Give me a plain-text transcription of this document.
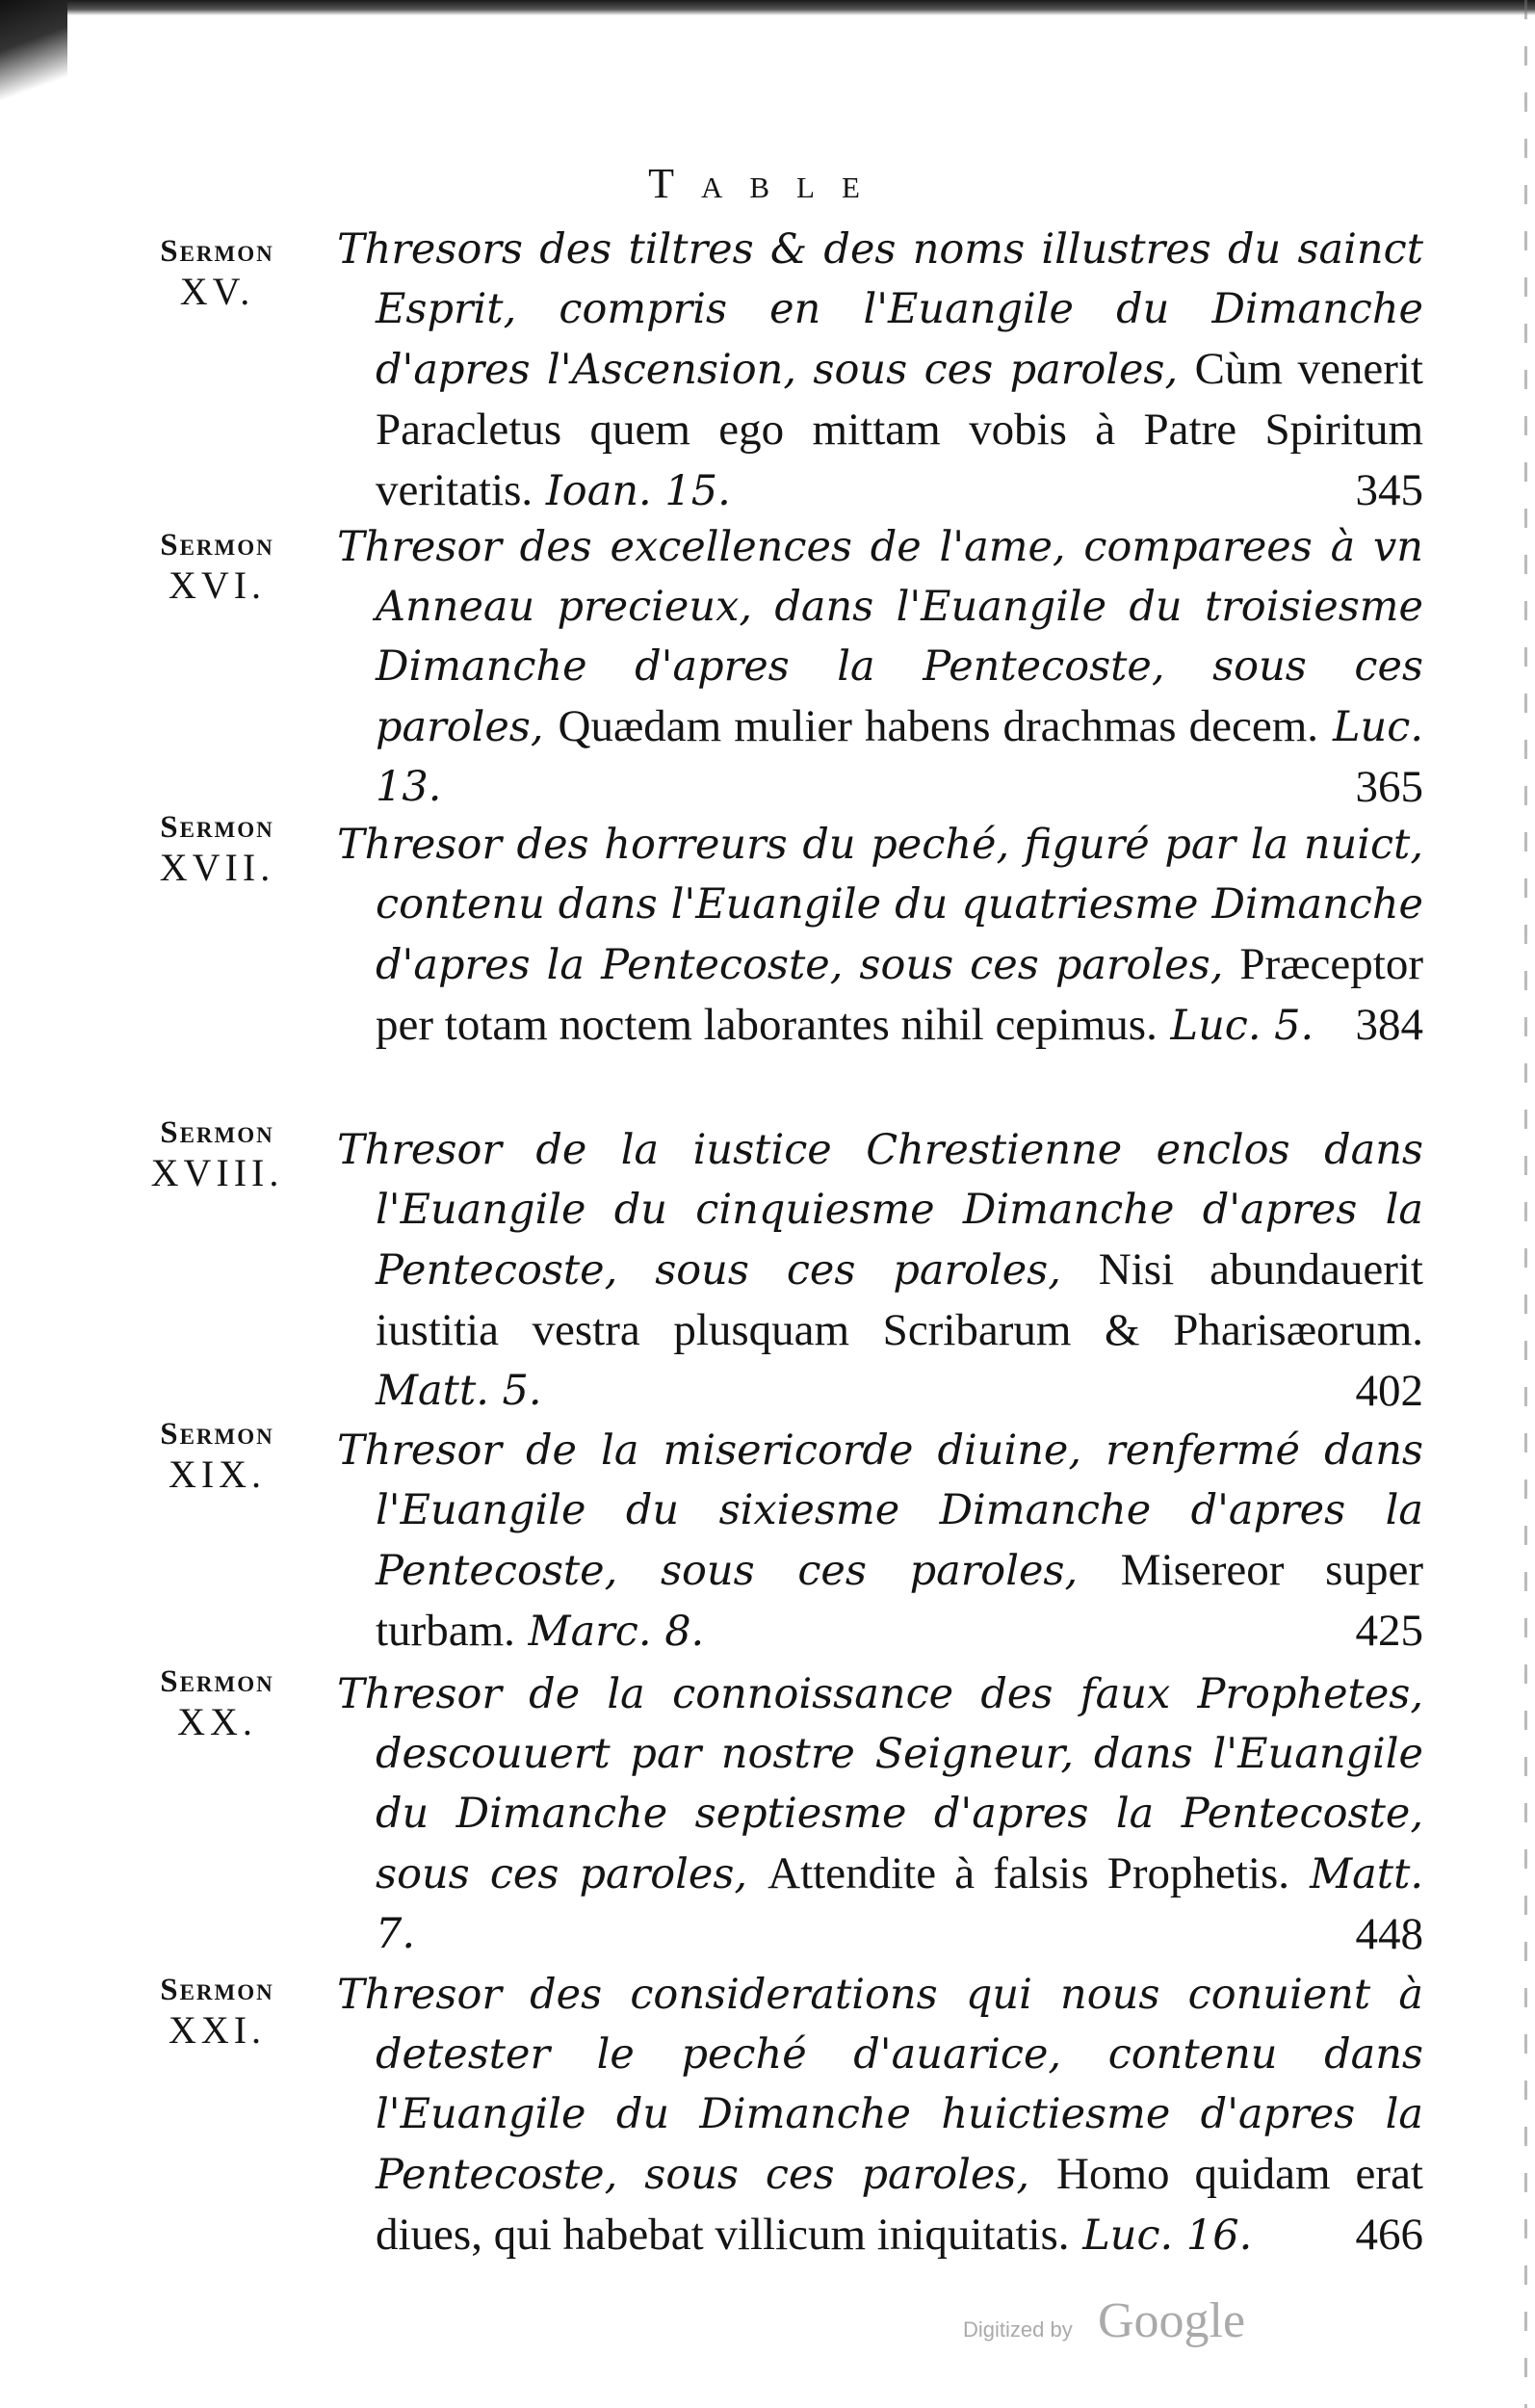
Table
Sermon
XV.
Thresors des tiltres & des noms illustres du sainct Esprit, compris en l'Euangile du Dimanche d'apres l'Ascension, sous ces paroles, Cùm venerit Paracletus quem ego mittam vobis à Patre Spiritum veritatis. Ioan. 15.	345
Sermon
XVI.
Thresor des excellences de l'ame, comparees à vn Anneau precieux, dans l'Euangile du troisiesme Dimanche d'apres la Pentecoste, sous ces paroles, Quædam mulier habens drachmas decem. Luc. 13.	365
Sermon
XVII.	Thresor des horreurs du peché, figuré par la nuict, contenu dans l'Euangile du quatriesme Dimanche d'apres la Pentecoste, sous ces paroles, Præceptor per totam noctem laborantes nihil cepimus. Luc. 5. 384
Sermon
XVIII.	Thresor de la iustice Chrestienne enclos dans l'Euangile du cinquiesme Dimanche d'apres la Pentecoste, sous ces paroles, Nisi abundauerit iustitia vestra plusquam Scribarum & Pharisæorum. Matt. 5.	402
Sermon
XIX.	Thresor de la misericorde diuine, renfermé dans l'Euangile du sixiesme Dimanche d'apres la Pentecoste, sous ces paroles, Misereor super turbam. Marc. 8.	425
Sermon
XX.
Thresor de la connoissance des faux Prophetes, descouuert par nostre Seigneur, dans l'Euangile du Dimanche septiesme d'apres la Pentecoste, sous ces paroles, Attendite à falsis Prophetis. Matt. 7.	448
Sermon
XXI.
Thresor des considerations qui nous conuient à detester le peché d'auarice, contenu dans l'Euangile du Dimanche huictiesme d'apres la Pentecoste, sous ces paroles, Homo quidam erat diues, qui habebat villicum iniquitatis. Luc. 16. 466
Digitized by Google
